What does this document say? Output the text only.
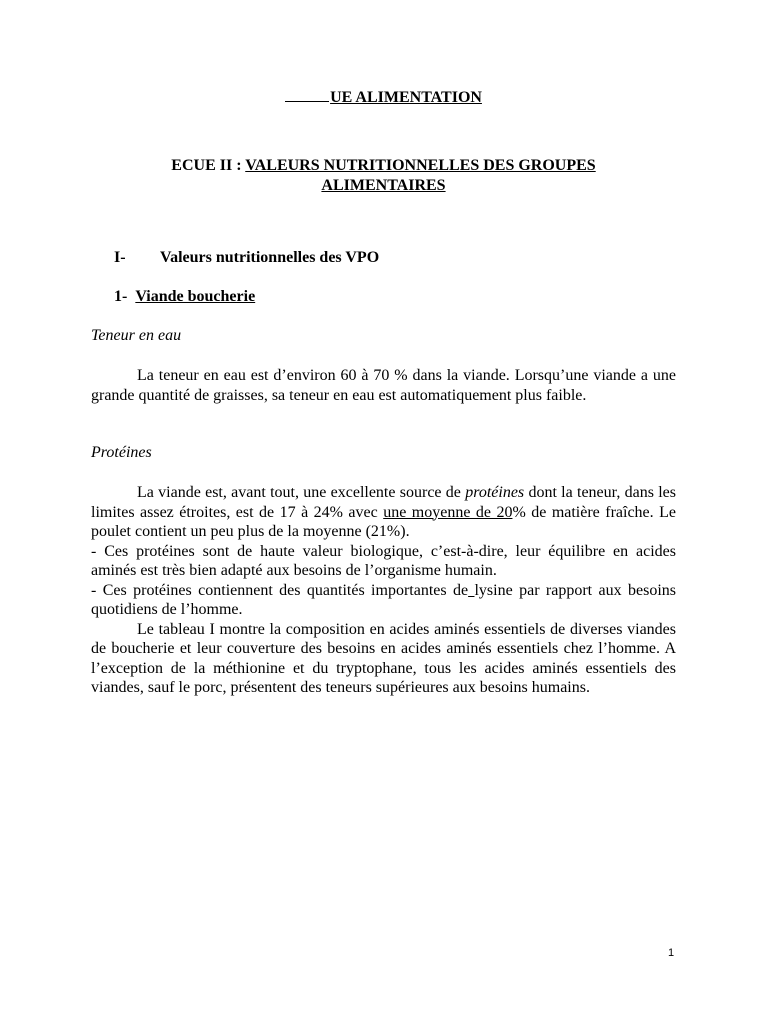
UE ALIMENTATION
ECUE II : VALEURS NUTRITIONNELLES DES GROUPES
ALIMENTAIRES
I- Valeurs nutritionnelles des VPO
1- Viande boucherie
Teneur en eau
La teneur en eau est d’environ 60 à 70 % dans la viande. Lorsqu’une viande a une grande quantité de graisses, sa teneur en eau est automatiquement plus faible.
Protéines
La viande est, avant tout, une excellente source de protéines dont la teneur, dans les limites assez étroites, est de 17 à 24% avec une moyenne de 20% de matière fraîche. Le poulet contient un peu plus de la moyenne (21%).
- Ces protéines sont de haute valeur biologique, c’est-à-dire, leur équilibre en acides aminés est très bien adapté aux besoins de l’organisme humain.
- Ces protéines contiennent des quantités importantes de lysine par rapport aux besoins quotidiens de l’homme.
Le tableau I montre la composition en acides aminés essentiels de diverses viandes de boucherie et leur couverture des besoins en acides aminés essentiels chez l’homme. A l’exception de la méthionine et du tryptophane, tous les acides aminés essentiels des viandes, sauf le porc, présentent des teneurs supérieures aux besoins humains.
1
